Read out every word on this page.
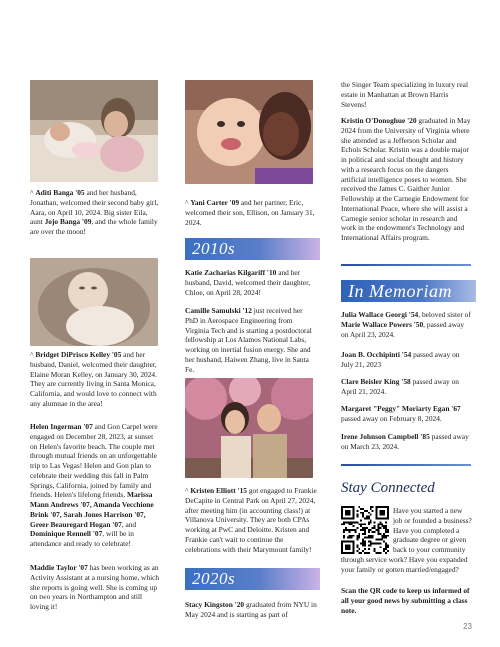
^ Aditi Banga '05 and her husband, Jonathan, welcomed their second baby girl, Aara, on April 10, 2024. Big sister Eila, aunt Jojo Banga '09, and the whole family are over the moon!

^ Bridget DiPrisco Kelley '05 and her husband, Daniel, welcomed their daughter, Elaine Moran Kelley, on January 30, 2024. They are currently living in Santa Monica, California, and would love to connect with any alumnae in the area!

Helen Ingerman '07 and Gon Carpel were engaged on December 28, 2023, at sunset on Helen's favorite beach. The couple met through mutual friends on an unforgettable trip to Las Vegas! Helen and Gon plan to celebrate their wedding this fall in Palm Springs, California, joined by family and friends. Helen's lifelong friends, Marissa Mann Andrews '07, Amanda Vecchione Brink '07, Sarah Jones Harrison '07, Greer Beauregard Hogan '07, and Dominique Rennell '07, will be in attendance and ready to celebrate!

Maddie Taylor '07 has been working as an Activity Assistant at a nursing home, which she reports is going well. She is coming up on two years in Northampton and still loving it!

^ Yani Carter '09 and her partner, Eric, welcomed their son, Ellison, on January 31, 2024.

2010s

Katie Zacharias Kilgariff '10 and her husband, David, welcomed their daughter, Chloe, on April 28, 2024!

Camille Samulski '12 just received her PhD in Aerospace Engineering from Virginia Tech and is starting a postdoctoral fellowship at Los Alamos National Labs, working on inertial fusion energy. She and her husband, Haiwen Zhang, live in Santa Fe.

^ Kristen Elliott '15 got engaged to Frankie DeCapite in Central Park on April 27, 2024, after meeting him (in accounting class!) at Villanova University. They are both CPAs working at PwC and Deloitte. Kristen and Frankie can't wait to continue the celebrations with their Marymount family!

2020s

Stacy Kingston '20 graduated from NYU in May 2024 and is starting as part of

the Singer Team specializing in luxury real estate in Manhattan at Brown Harris Stevens!

Kristin O'Donoghue '20 graduated in May 2024 from the University of Virginia where she attended as a Jefferson Scholar and Echols Scholar. Kristin was a double major in political and social thought and history with a research focus on the dangers artificial intelligence poses to women. She received the James C. Gaither Junior Fellowship at the Carnegie Endowment for International Peace, where she will assist a Carnegie senior scholar in research and work in the endowment's Technology and International Affairs program.

In Memoriam

Julia Wallace Georgi '54, beloved sister of Marie Wallace Powers '50, passed away on April 23, 2024.

Joan B. Occhipinti '54 passed away on July 21, 2023

Clare Beisler King '58 passed away on April 21, 2024.

Margaret "Peggy" Moriarty Egan '67 passed away on February 8, 2024.

Irene Johnson Campbell '85 passed away on March 23, 2024.

Stay Connected

Have you started a new job or founded a business? Have you completed a graduate degree or given back to your community through service work? Have you expanded your family or gotten married/engaged?

Scan the QR code to keep us informed of all your good news by submitting a class note.

23
